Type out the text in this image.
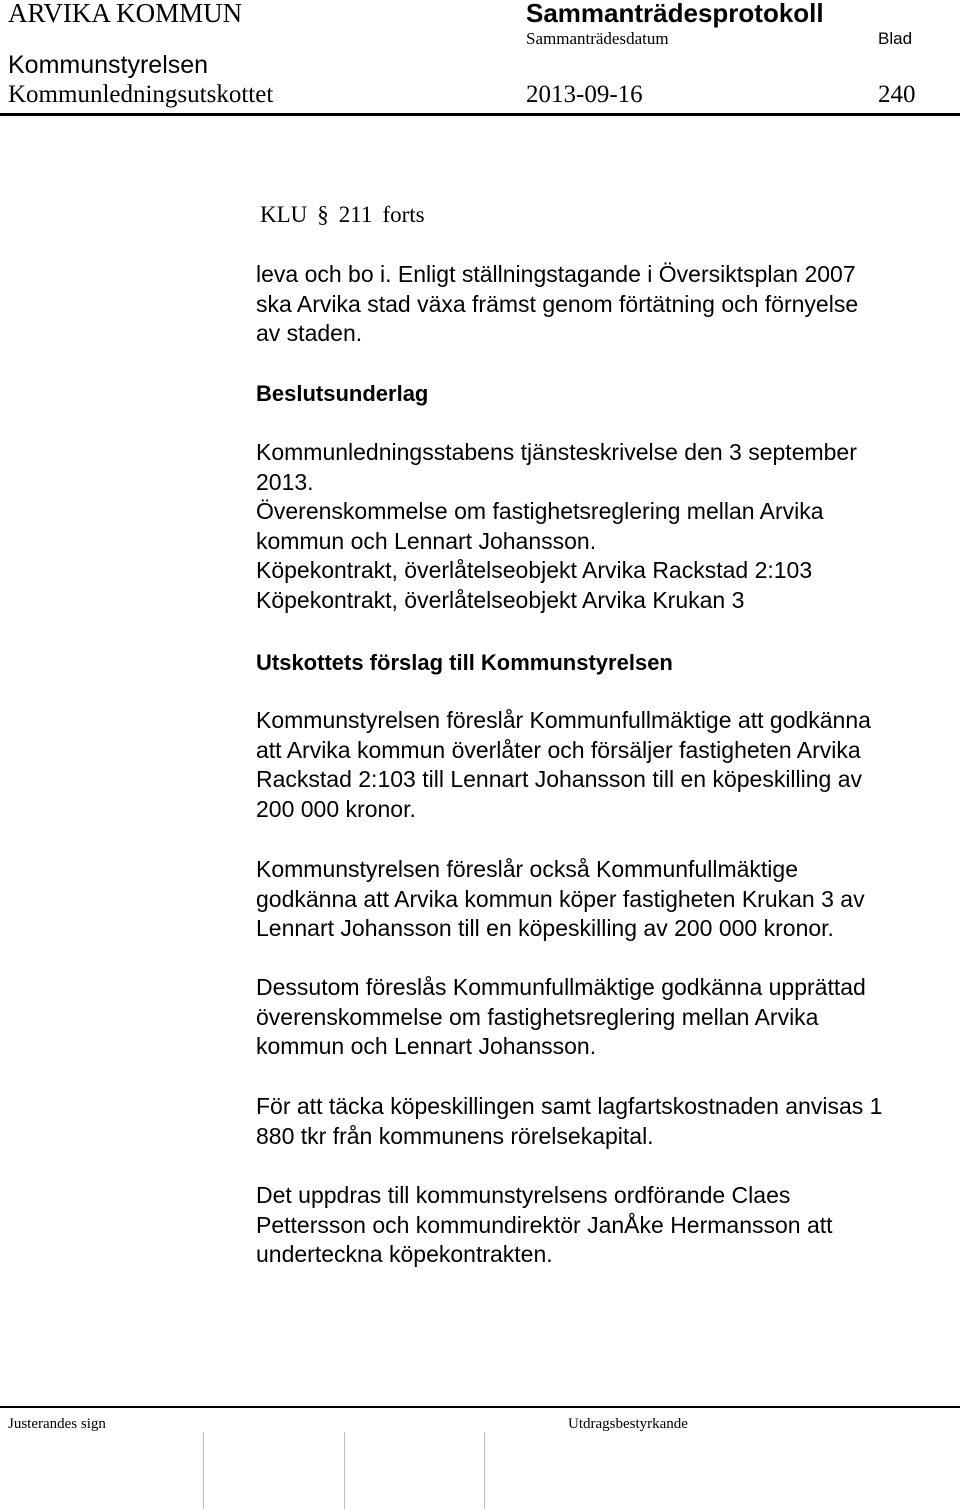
ARVIKA KOMMUN	Sammanträdesprotokoll
Sammanträdesdatum	Blad
Kommunstyrelsen
Kommunledningsutskottet	2013-09-16	240
KLU § 211 forts
leva och bo i. Enligt ställningstagande i Översiktsplan 2007
ska Arvika stad växa främst genom förtätning och förnyelse
av staden.
Beslutsunderlag
Kommunledningsstabens tjänsteskrivelse den 3 september
2013.
Överenskommelse om fastighetsreglering mellan Arvika
kommun och Lennart Johansson.
Köpekontrakt, överlåtelseobjekt Arvika Rackstad 2:103
Köpekontrakt, överlåtelseobjekt Arvika Krukan 3
Utskottets förslag till Kommunstyrelsen
Kommunstyrelsen föreslår Kommunfullmäktige att godkänna
att Arvika kommun överlåter och försäljer fastigheten Arvika
Rackstad 2:103 till Lennart Johansson till en köpeskilling av
200 000 kronor.
Kommunstyrelsen föreslår också Kommunfullmäktige
godkänna att Arvika kommun köper fastigheten Krukan 3 av
Lennart Johansson till en köpeskilling av 200 000 kronor.
Dessutom föreslås Kommunfullmäktige godkänna upprättad
överenskommelse om fastighetsreglering mellan Arvika
kommun och Lennart Johansson.
För att täcka köpeskillingen samt lagfartskostnaden anvisas 1
880 tkr från kommunens rörelsekapital.
Det uppdras till kommunstyrelsens ordförande Claes
Pettersson och kommundirektör JanÅke Hermansson att
underteckna köpekontrakten.
Justerandes sign	Utdragsbestyrkande
